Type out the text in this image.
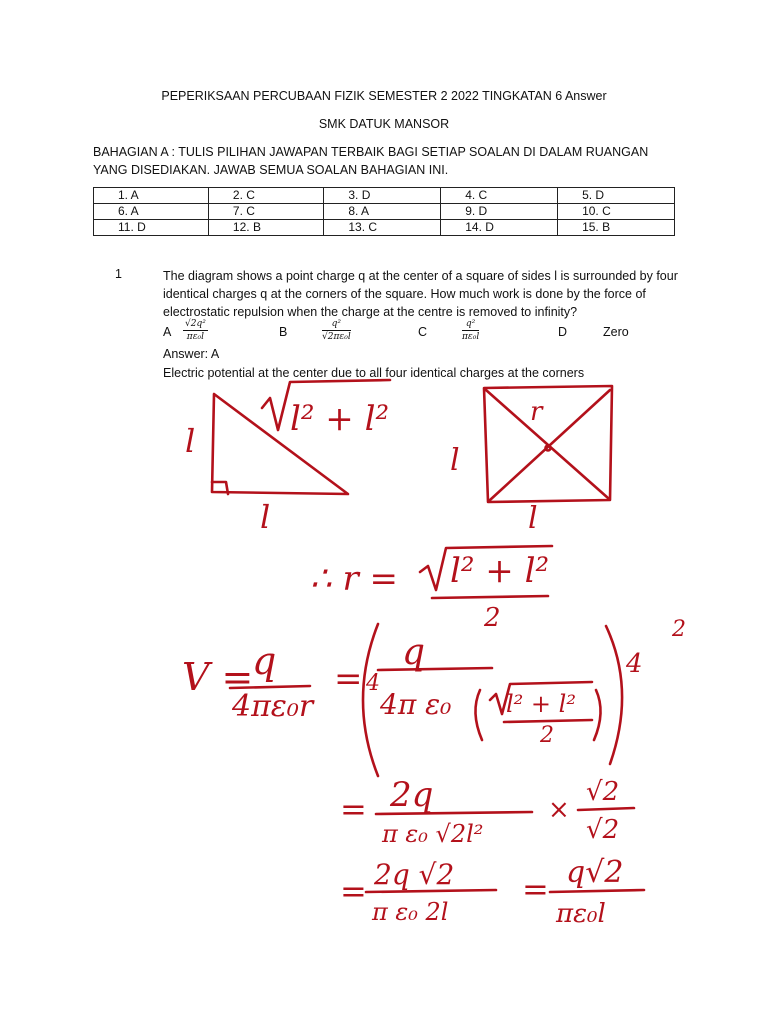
PEPERIKSAAN PERCUBAAN FIZIK SEMESTER 2 2022 TINGKATAN 6 Answer
SMK DATUK MANSOR
BAHAGIAN A : TULIS PILIHAN JAWAPAN TERBAIK BAGI SETIAP SOALAN DI DALAM RUANGAN YANG DISEDIAKAN. JAWAB SEMUA SOALAN BAHAGIAN INI.
1. A	2. C	3. D	4. C	5. D
6. A	7. C	8. A	9. D	10. C
11. D	12. B	13. C	14. D	15. B
1	The diagram shows a point charge q at the center of a square of sides l is surrounded by four identical charges q at the corners of the square. How much work is done by the force of electrostatic repulsion when the charge at the centre is removed to infinity?
A $\frac{\text{√2q²}}{\text{πε₀l}}$	B	$\frac{\text{q²}}{\text{√2πε₀l}}$	C	$\frac{\text{q²}}{\text{πε₀l}}$	D	Zero
Answer: A
Electric potential at the center due to all four identical charges at the corners
l
l
l² + l²	r
l
l
∴ r = l² + l²
2
V =
q
4πε₀r
= 4
q
4π ε₀ l² + l²
2
4
2
= 2q
π ε₀ √2l²
×
√2
√2
= 2q √2
π ε₀ 2l
= q√2
πε₀l
